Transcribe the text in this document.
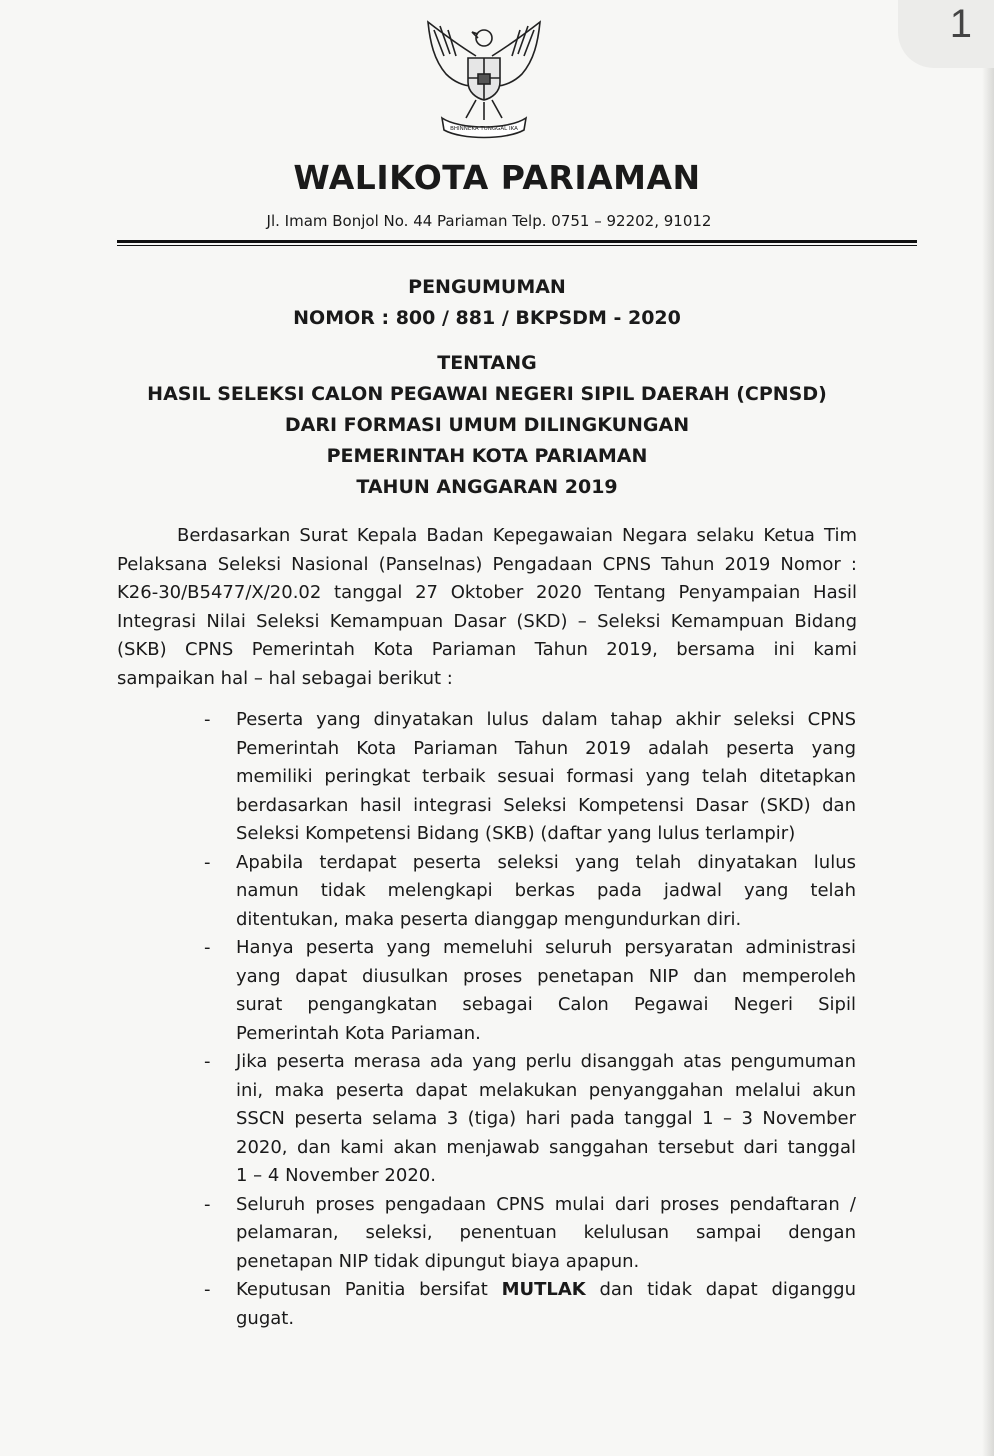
1
BHINNEKA TUNGGAL IKA
WALIKOTA PARIAMAN
Jl. Imam Bonjol No. 44 Pariaman Telp. 0751 – 92202, 91012
PENGUMUMAN
NOMOR : 800 / 881 / BKPSDM - 2020
TENTANG
HASIL SELEKSI CALON PEGAWAI NEGERI SIPIL DAERAH (CPNSD)
DARI FORMASI UMUM DILINGKUNGAN
PEMERINTAH KOTA PARIAMAN
TAHUN ANGGARAN 2019
Berdasarkan Surat Kepala Badan Kepegawaian Negara selaku Ketua Tim
Pelaksana Seleksi Nasional (Panselnas) Pengadaan CPNS Tahun 2019 Nomor :
K26-30/B5477/X/20.02 tanggal 27 Oktober 2020 Tentang Penyampaian Hasil
Integrasi Nilai Seleksi Kemampuan Dasar (SKD) – Seleksi Kemampuan Bidang
(SKB) CPNS Pemerintah Kota Pariaman Tahun 2019, bersama ini kami
sampaikan hal – hal sebagai berikut :
- Peserta yang dinyatakan lulus dalam tahap akhir seleksi CPNS
Pemerintah Kota Pariaman Tahun 2019 adalah peserta yang
memiliki peringkat terbaik sesuai formasi yang telah ditetapkan
berdasarkan hasil integrasi Seleksi Kompetensi Dasar (SKD) dan
Seleksi Kompetensi Bidang (SKB) (daftar yang lulus terlampir)
- Apabila terdapat peserta seleksi yang telah dinyatakan lulus
namun tidak melengkapi berkas pada jadwal yang telah
ditentukan, maka peserta dianggap mengundurkan diri.
- Hanya peserta yang memeluhi seluruh persyaratan administrasi
yang dapat diusulkan proses penetapan NIP dan memperoleh
surat pengangkatan sebagai Calon Pegawai Negeri Sipil
Pemerintah Kota Pariaman.
- Jika peserta merasa ada yang perlu disanggah atas pengumuman
ini, maka peserta dapat melakukan penyanggahan melalui akun
SSCN peserta selama 3 (tiga) hari pada tanggal 1 – 3 November
2020, dan kami akan menjawab sanggahan tersebut dari tanggal
1 – 4 November 2020.
- Seluruh proses pengadaan CPNS mulai dari proses pendaftaran /
pelamaran, seleksi, penentuan kelulusan sampai dengan
penetapan NIP tidak dipungut biaya apapun.
- Keputusan Panitia bersifat MUTLAK dan tidak dapat diganggu
gugat.
